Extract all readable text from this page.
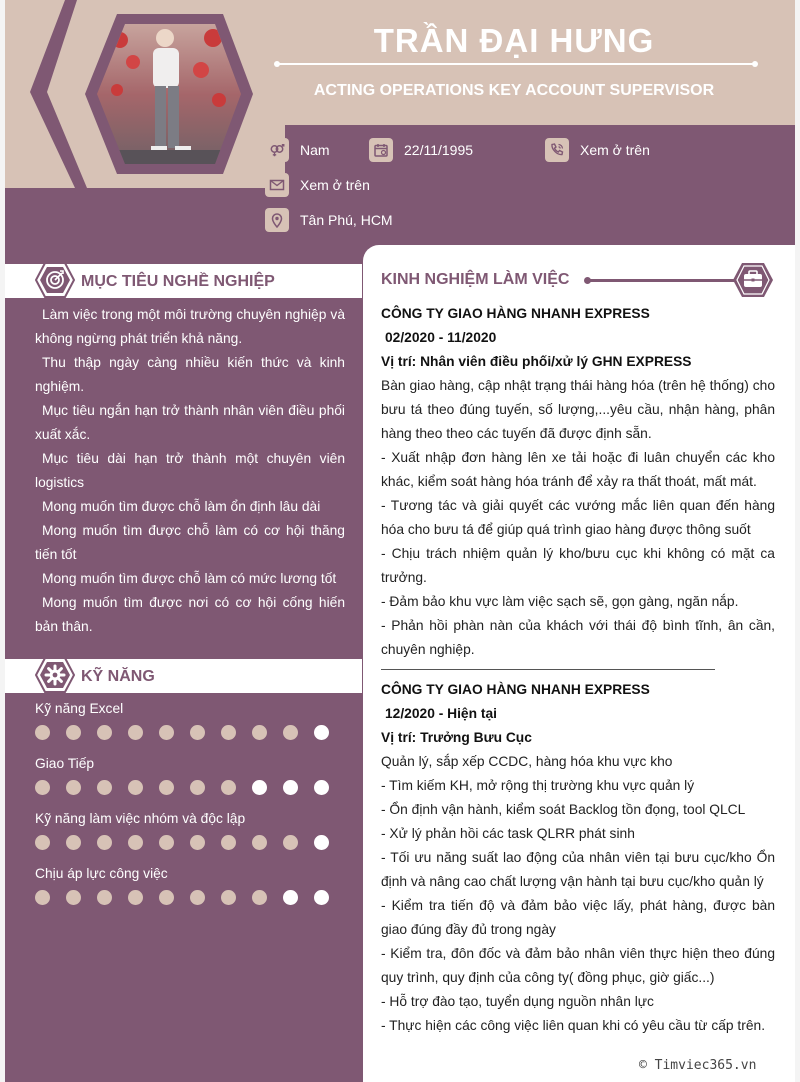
TRẦN ĐẠI HƯNG
ACTING OPERATIONS KEY ACCOUNT SUPERVISOR
Nam	22/11/1995	Xem ở trên
Xem ở trên
Tân Phú, HCM
MỤC TIÊU NGHỀ NGHIỆP

Làm việc trong một môi trường chuyên nghiệp và không ngừng phát triển khả năng.

Thu thập ngày càng nhiều kiến thức và kinh nghiệm.

Mục tiêu ngắn hạn trở thành nhân viên điều phối xuất xắc.

Mục tiêu dài hạn trở thành một chuyên viên logistics

Mong muốn tìm được chỗ làm ổn định lâu dài

Mong muốn tìm được chỗ làm có cơ hội thăng tiến tốt

Mong muốn tìm được chỗ làm có mức lương tốt

Mong muốn tìm được nơi có cơ hội cống hiến bản thân.

KỸ NĂNG
Kỹ năng Excel
Giao Tiếp
Kỹ năng làm việc nhóm và độc lập
Chịu áp lực công việc
KINH NGHIỆM LÀM VIỆC
CÔNG TY GIAO HÀNG NHANH EXPRESS
02/2020 - 11/2020
Vị trí: Nhân viên điều phối/xử lý GHN EXPRESS
Bàn giao hàng, cập nhật trạng thái hàng hóa (trên hệ thống) cho bưu tá theo đúng tuyến, số lượng,...yêu cầu, nhận hàng, phân hàng theo theo các tuyến đã được định sẵn.
- Xuất nhập đơn hàng lên xe tải hoặc đi luân chuyển các kho khác, kiểm soát hàng hóa tránh để xảy ra thất thoát, mất mát.
- Tương tác và giải quyết các vướng mắc liên quan đến hàng hóa cho bưu tá để giúp quá trình giao hàng được thông suốt
- Chịu trách nhiệm quản lý kho/bưu cục khi không có mặt ca trưởng.
- Đảm bảo khu vực làm việc sạch sẽ, gọn gàng, ngăn nắp.
- Phản hồi phàn nàn của khách với thái độ bình tĩnh, ân cần, chuyên nghiệp.
CÔNG TY GIAO HÀNG NHANH EXPRESS
12/2020 - Hiện tại
Vị trí: Trưởng Bưu Cục
Quản lý, sắp xếp CCDC, hàng hóa khu vực kho
- Tìm kiếm KH, mở rộng thị trường khu vực quản lý
- Ổn định vận hành, kiểm soát Backlog tồn đọng, tool QLCL
- Xử lý phản hồi các task QLRR phát sinh
- Tối ưu năng suất lao động của nhân viên tại bưu cục/kho Ổn định và nâng cao chất lượng vận hành tại bưu cục/kho quản lý
- Kiểm tra tiến độ và đảm bảo việc lấy, phát hàng, được bàn giao đúng đầy đủ trong ngày
- Kiểm tra, đôn đốc và đảm bảo nhân viên thực hiện theo đúng quy trình, quy định của công ty( đồng phục, giờ giấc...)
- Hỗ trợ đào tạo, tuyển dụng nguồn nhân lực
- Thực hiện các công việc liên quan khi có yêu cầu từ cấp trên.
© Timviec365.vn
